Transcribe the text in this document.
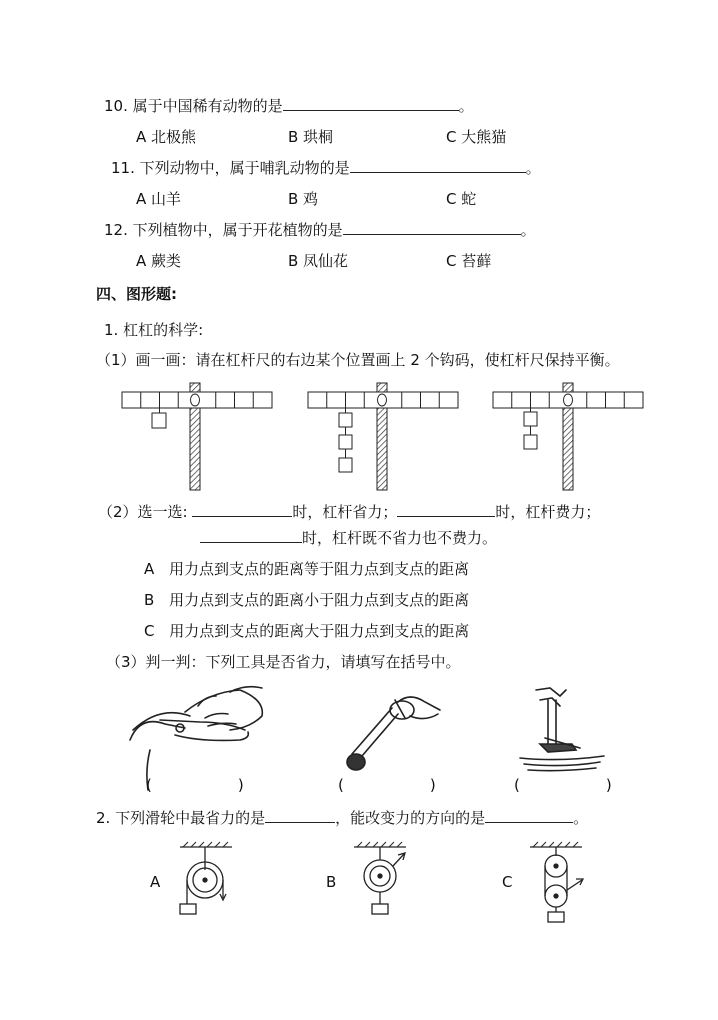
10. 属于中国稀有动物的是	。
A 北极熊	B 珙桐	C 大熊猫
11. 下列动物中，属于哺乳动物的是	。
A 山羊	B 鸡	C 蛇
12. 下列植物中，属于开花植物的是	。
A 蕨类	B 凤仙花	C 苔藓
四、图形题:
1. 杠杠的科学:
（1）画一画：请在杠杆尺的右边某个位置画上 2 个钩码，使杠杆尺保持平衡。
（2）选一选:	时，杠杆省力；	时，杠杆费力；
时，杠杆既不省力也不费力。
A 用力点到支点的距离等于阻力点到支点的距离
B 用力点到支点的距离小于阻力点到支点的距离
C 用力点到支点的距离大于阻力点到支点的距离
（3）判一判：下列工具是否省力，请填写在括号中。
(	)	(	)	(	)
2. 下列滑轮中最省力的是	，能改变力的方向的是	。
A	B	C
